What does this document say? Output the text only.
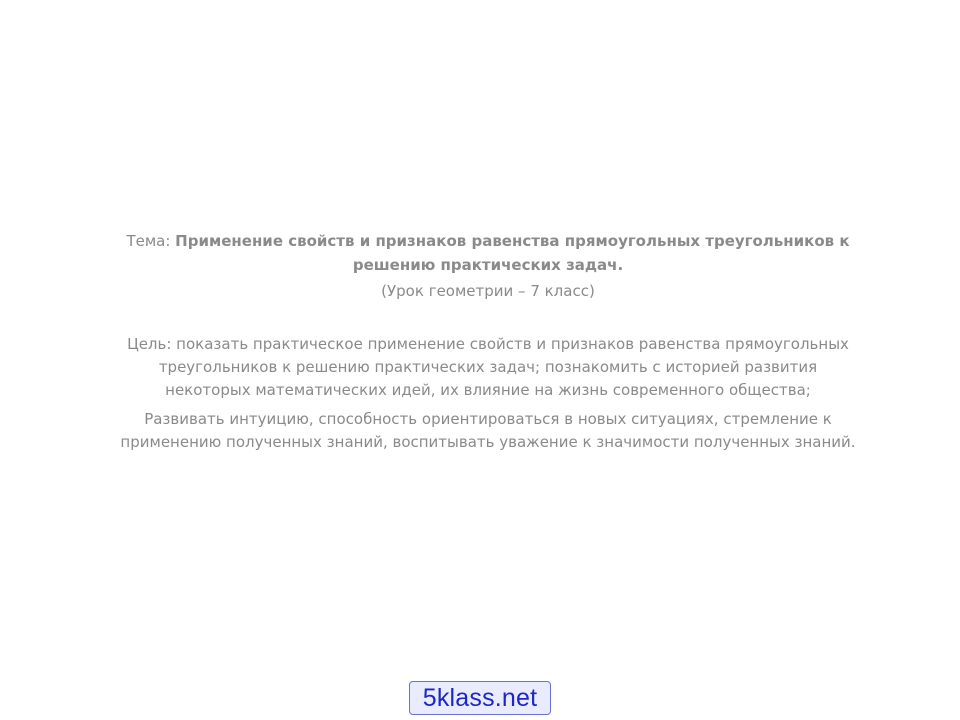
Тема: Применение свойств и признаков равенства прямоугольных треугольников к решению практических задач.

(Урок геометрии – 7 класс)

Цель: показать практическое применение свойств и признаков равенства прямоугольных треугольников к решению практических задач; познакомить с историей развития некоторых математических идей, их влияние на жизнь современного общества;

Развивать интуицию, способность ориентироваться в новых ситуациях, стремление к применению полученных знаний, воспитывать уважение к значимости полученных знаний.

5klass.net
